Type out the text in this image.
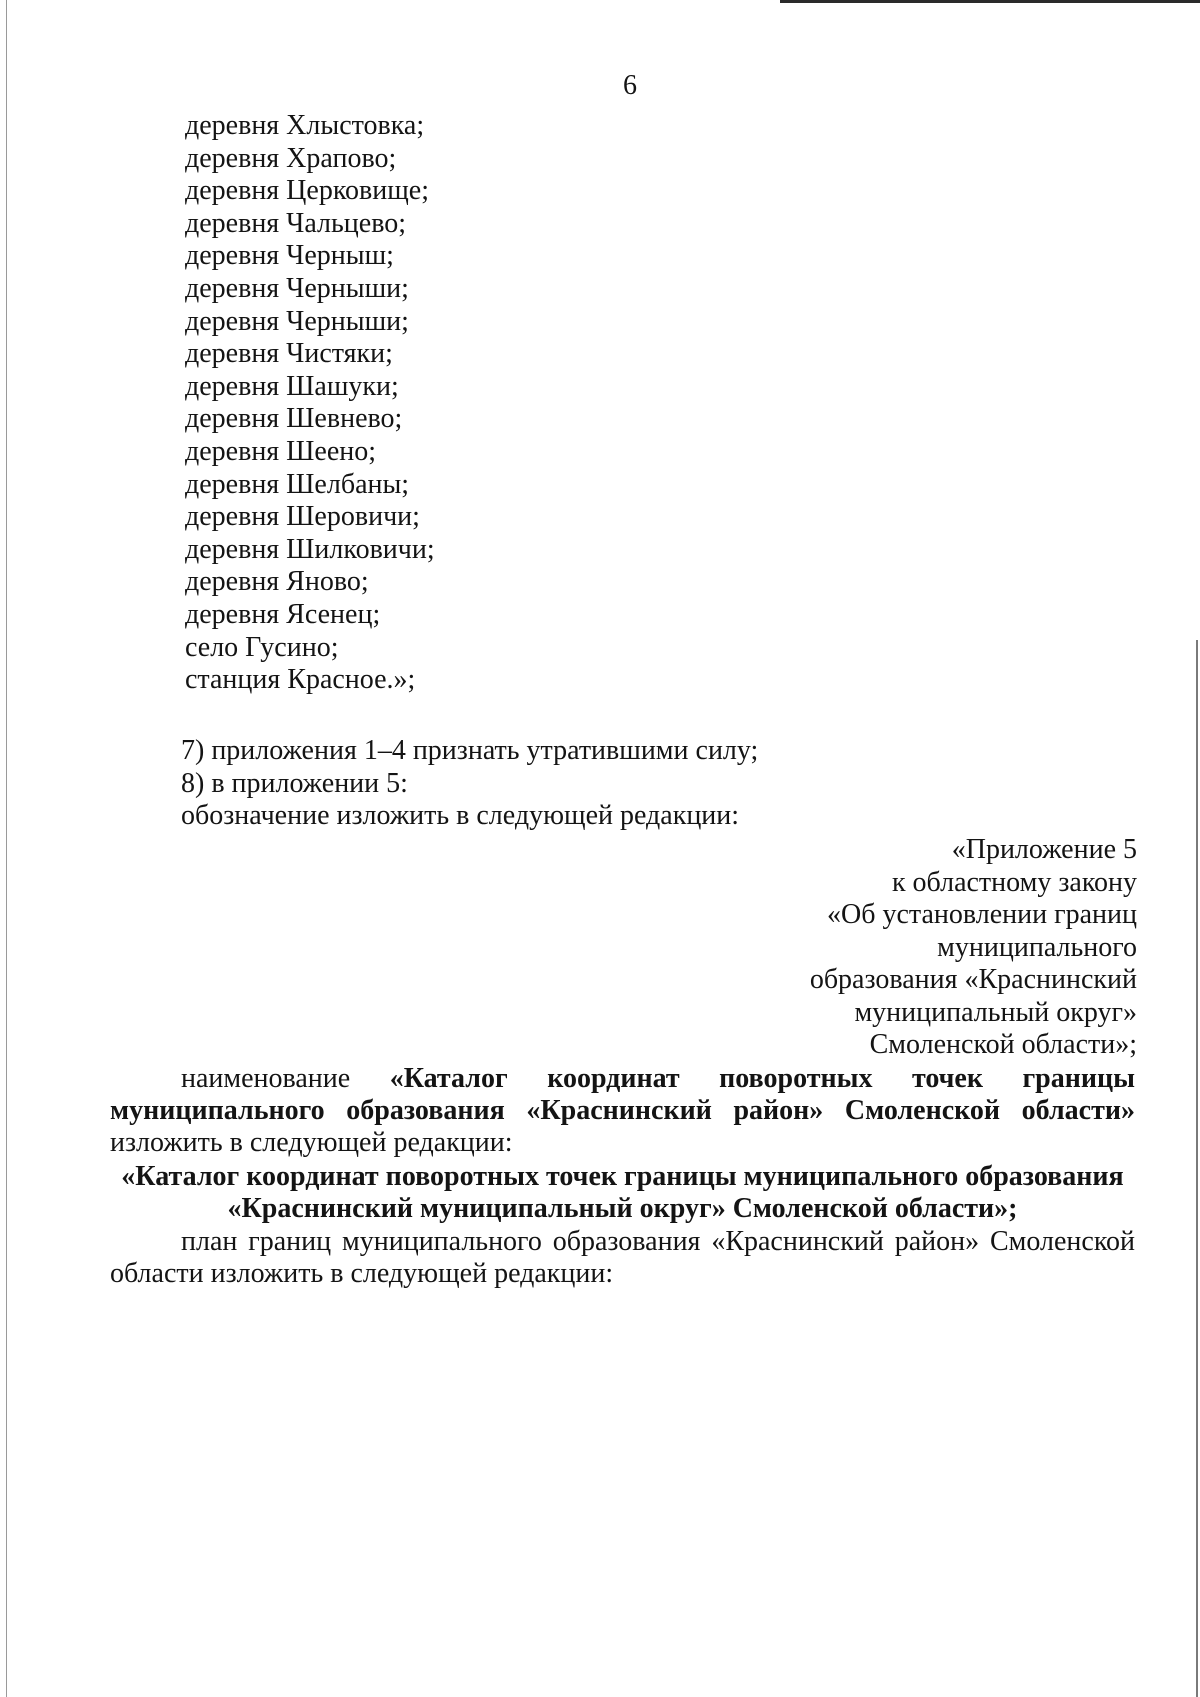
6
деревня Хлыстовка;
деревня Храпово;
деревня Церковище;
деревня Чальцево;
деревня Черныш;
деревня Черныши;
деревня Черныши;
деревня Чистяки;
деревня Шашуки;
деревня Шевнево;
деревня Шеено;
деревня Шелбаны;
деревня Шеровичи;
деревня Шилковичи;
деревня Яново;
деревня Ясенец;
село Гусино;
станция Красное.»;
7) приложения 1–4 признать утратившими силу;
8) в приложении 5:
обозначение изложить в следующей редакции:
«Приложение 5
к областному закону
«Об установлении границ
муниципального
образования «Краснинский
муниципальный округ»
Смоленской области»;
наименование «Каталог координат поворотных точек границы муниципального образования «Краснинский район» Смоленской области» изложить в следующей редакции:
«Каталог координат поворотных точек границы муниципального образования
«Краснинский муниципальный округ» Смоленской области»;
план границ муниципального образования «Краснинский район» Смоленской области изложить в следующей редакции:
